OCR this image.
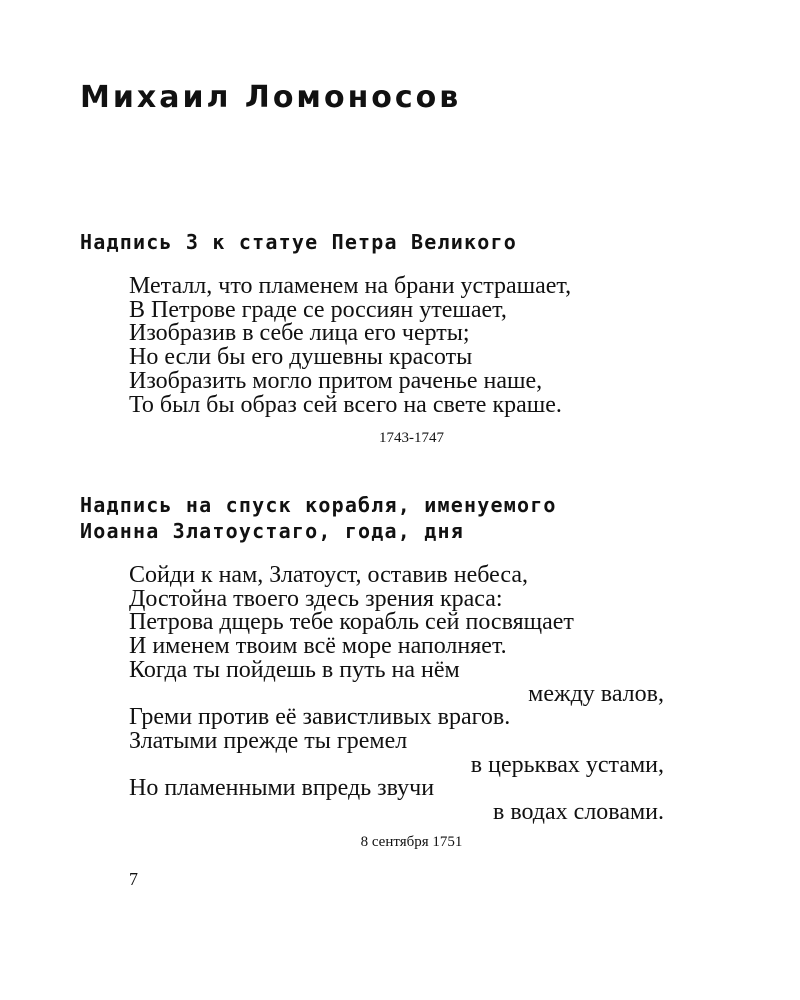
Михаил Ломоносов
Надпись 3 к статуе Петра Великого
Металл, что пламенем на брани устрашает,
В Петрове граде се россиян утешает,
Изобразив в себе лица его черты;
Но если бы его душевны красоты
Изобразить могло притом раченье наше,
То был бы образ сей всего на свете краше.
1743-1747
Надпись на спуск корабля, именуемого
Иоанна Златоустаго, года, дня
Сойди к нам, Златоуст, оставив небеса,
Достойна твоего здесь зрения краса:
Петрова дщерь тебе корабль сей посвящает
И именем твоим всё море наполняет.
Когда ты пойдешь в путь на нём
между валов,
Греми против её завистливых врагов.
Златыми прежде ты гремел
в церьквах устами,
Но пламенными впредь звучи
в водах словами.
8 сентября 1751
7
